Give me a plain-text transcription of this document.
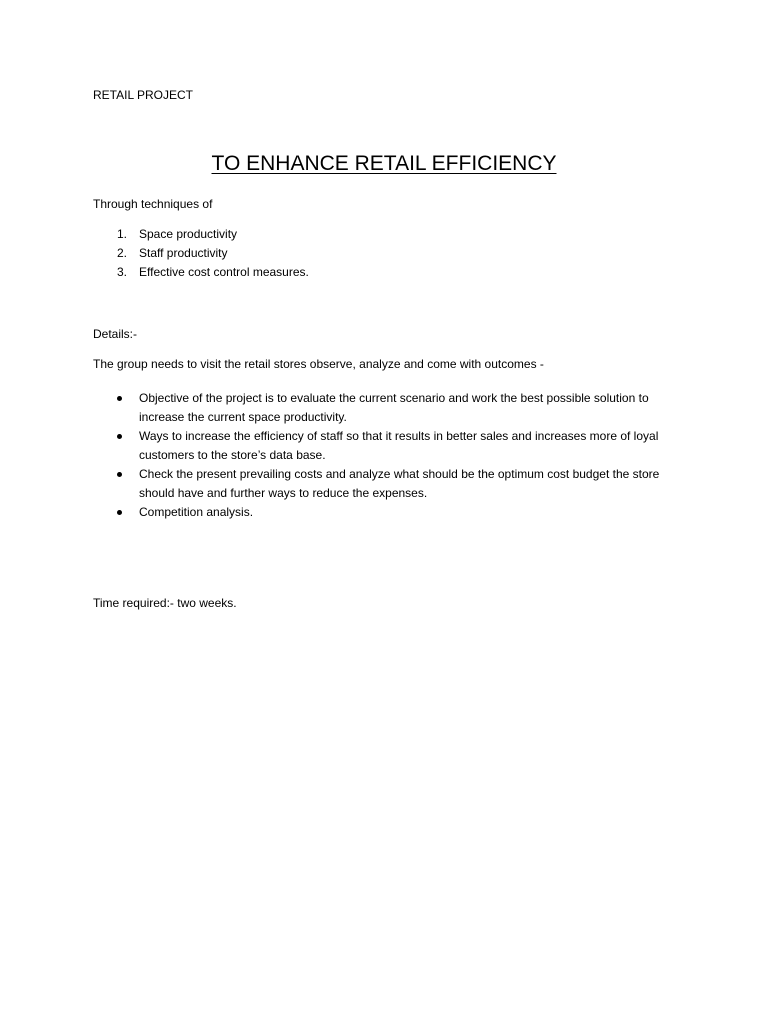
RETAIL PROJECT
TO ENHANCE RETAIL EFFICIENCY
Through techniques of
1. Space productivity
2. Staff productivity
3. Effective cost control measures.
Details:-
The group needs to visit the retail stores observe, analyze and come with outcomes -
Objective of the project is to evaluate the current scenario and work the best possible solution to increase the current space productivity.
Ways to increase the efficiency of staff so that it results in better sales and increases more of loyal customers to the store’s data base.
Check the present prevailing costs and analyze what should be the optimum cost budget the store should have and further ways to reduce the expenses.
Competition analysis.
Time required:- two weeks.
